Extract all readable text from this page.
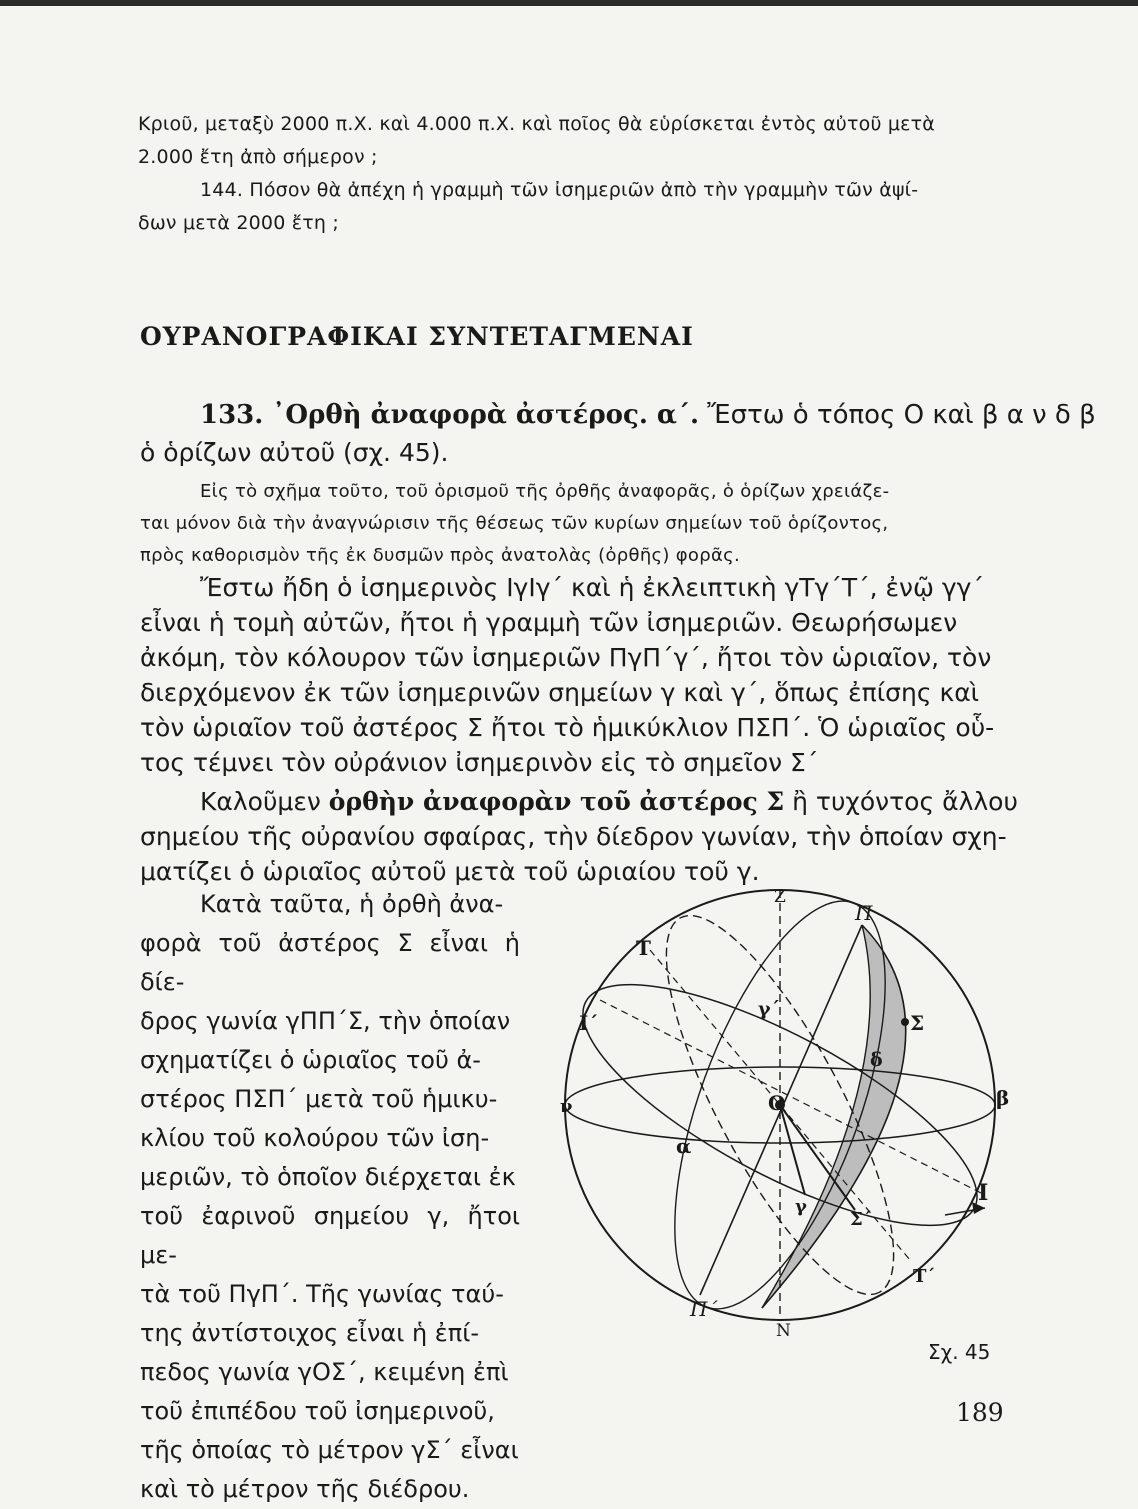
Κριοῦ, μεταξὺ 2000 π.Χ. καὶ 4.000 π.Χ. καὶ ποῖος θὰ εὑρίσκεται ἐντὸς αὐτοῦ μετὰ

2.000 ἔτη ἀπὸ σήμερον ;

144. Πόσον θὰ ἀπέχη ἡ γραμμὴ τῶν ἰσημεριῶν ἀπὸ τὴν γραμμὴν τῶν ἀψί-

δων μετὰ 2000 ἔτη ;

ΟΥΡΑΝΟΓΡΑΦΙΚΑΙ ΣΥΝΤΕΤΑΓΜΕΝΑΙ

133. ᾿Ορθὴ ἀναφορὰ ἀστέρος. α΄. Ἔστω ὁ τόπος Ο καὶ β α ν δ β

ὁ ὁρίζων αὐτοῦ (σχ. 45).

Εἰς τὸ σχῆμα τοῦτο, τοῦ ὁρισμοῦ τῆς ὀρθῆς ἀναφορᾶς, ὁ ὁρίζων χρειάζε-

ται μόνον διὰ τὴν ἀναγνώρισιν τῆς θέσεως τῶν κυρίων σημείων τοῦ ὁρίζοντος,

πρὸς καθορισμὸν τῆς ἐκ δυσμῶν πρὸς ἀνατολὰς (ὀρθῆς) φορᾶς.

Ἔστω ἤδη ὁ ἰσημερινὸς ΙγΙγ΄ καὶ ἡ ἐκλειπτικὴ γΤγ΄Τ΄, ἐνῷ γγ΄

εἶναι ἡ τομὴ αὐτῶν, ἤτοι ἡ γραμμὴ τῶν ἰσημεριῶν. Θεωρήσωμεν

ἀκόμη, τὸν κόλουρον τῶν ἰσημεριῶν ΠγΠ΄γ΄, ἤτοι τὸν ὡριαῖον, τὸν

διερχόμενον ἐκ τῶν ἰσημερινῶν σημείων γ καὶ γ΄, ὅπως ἐπίσης καὶ

τὸν ὡριαῖον τοῦ ἀστέρος Σ ἤτοι τὸ ἡμικύκλιον ΠΣΠ΄. Ὁ ὡριαῖος οὗ-

τος τέμνει τὸν οὐράνιον ἰσημερινὸν εἰς τὸ σημεῖον Σ΄

Καλοῦμεν ὀρθὴν ἀναφορὰν τοῦ ἀστέρος Σ ἢ τυχόντος ἄλλου

σημείου τῆς οὐρανίου σφαίρας, τὴν δίεδρον γωνίαν, τὴν ὁποίαν σχη-

ματίζει ὁ ὡριαῖος αὐτοῦ μετὰ τοῦ ὡριαίου τοῦ γ.

Κατὰ ταῦτα, ἡ ὀρθὴ ἀνα-
φορὰ τοῦ ἀστέρος Σ εἶναι ἡ δίε-
δρος γωνία γΠΠ΄Σ, τὴν ὁποίαν
σχηματίζει ὁ ὡριαῖος τοῦ ἀ-
στέρος ΠΣΠ΄ μετὰ τοῦ ἡμικυ-
κλίου τοῦ κολούρου τῶν ἰση-
μεριῶν, τὸ ὁποῖον διέρχεται ἐκ
τοῦ ἐαρινοῦ σημείου γ, ἤτοι με-
τὰ τοῦ ΠγΠ΄. Τῆς γωνίας ταύ-
της ἀντίστοιχος εἶναι ἡ ἐπί-
πεδος γωνία γΟΣ΄, κειμένη ἐπὶ
τοῦ ἐπιπέδου τοῦ ἰσημερινοῦ,
τῆς ὁποίας τὸ μέτρον γΣ΄ εἶναι
καὶ τὸ μέτρον τῆς διέδρου.
Z
Π
Τ
Ι΄
γ΄
Σ
δ
ν	O	β
α
γ
Σ΄
Ι
Τ΄
Π΄
N

Σχ. 45

189
